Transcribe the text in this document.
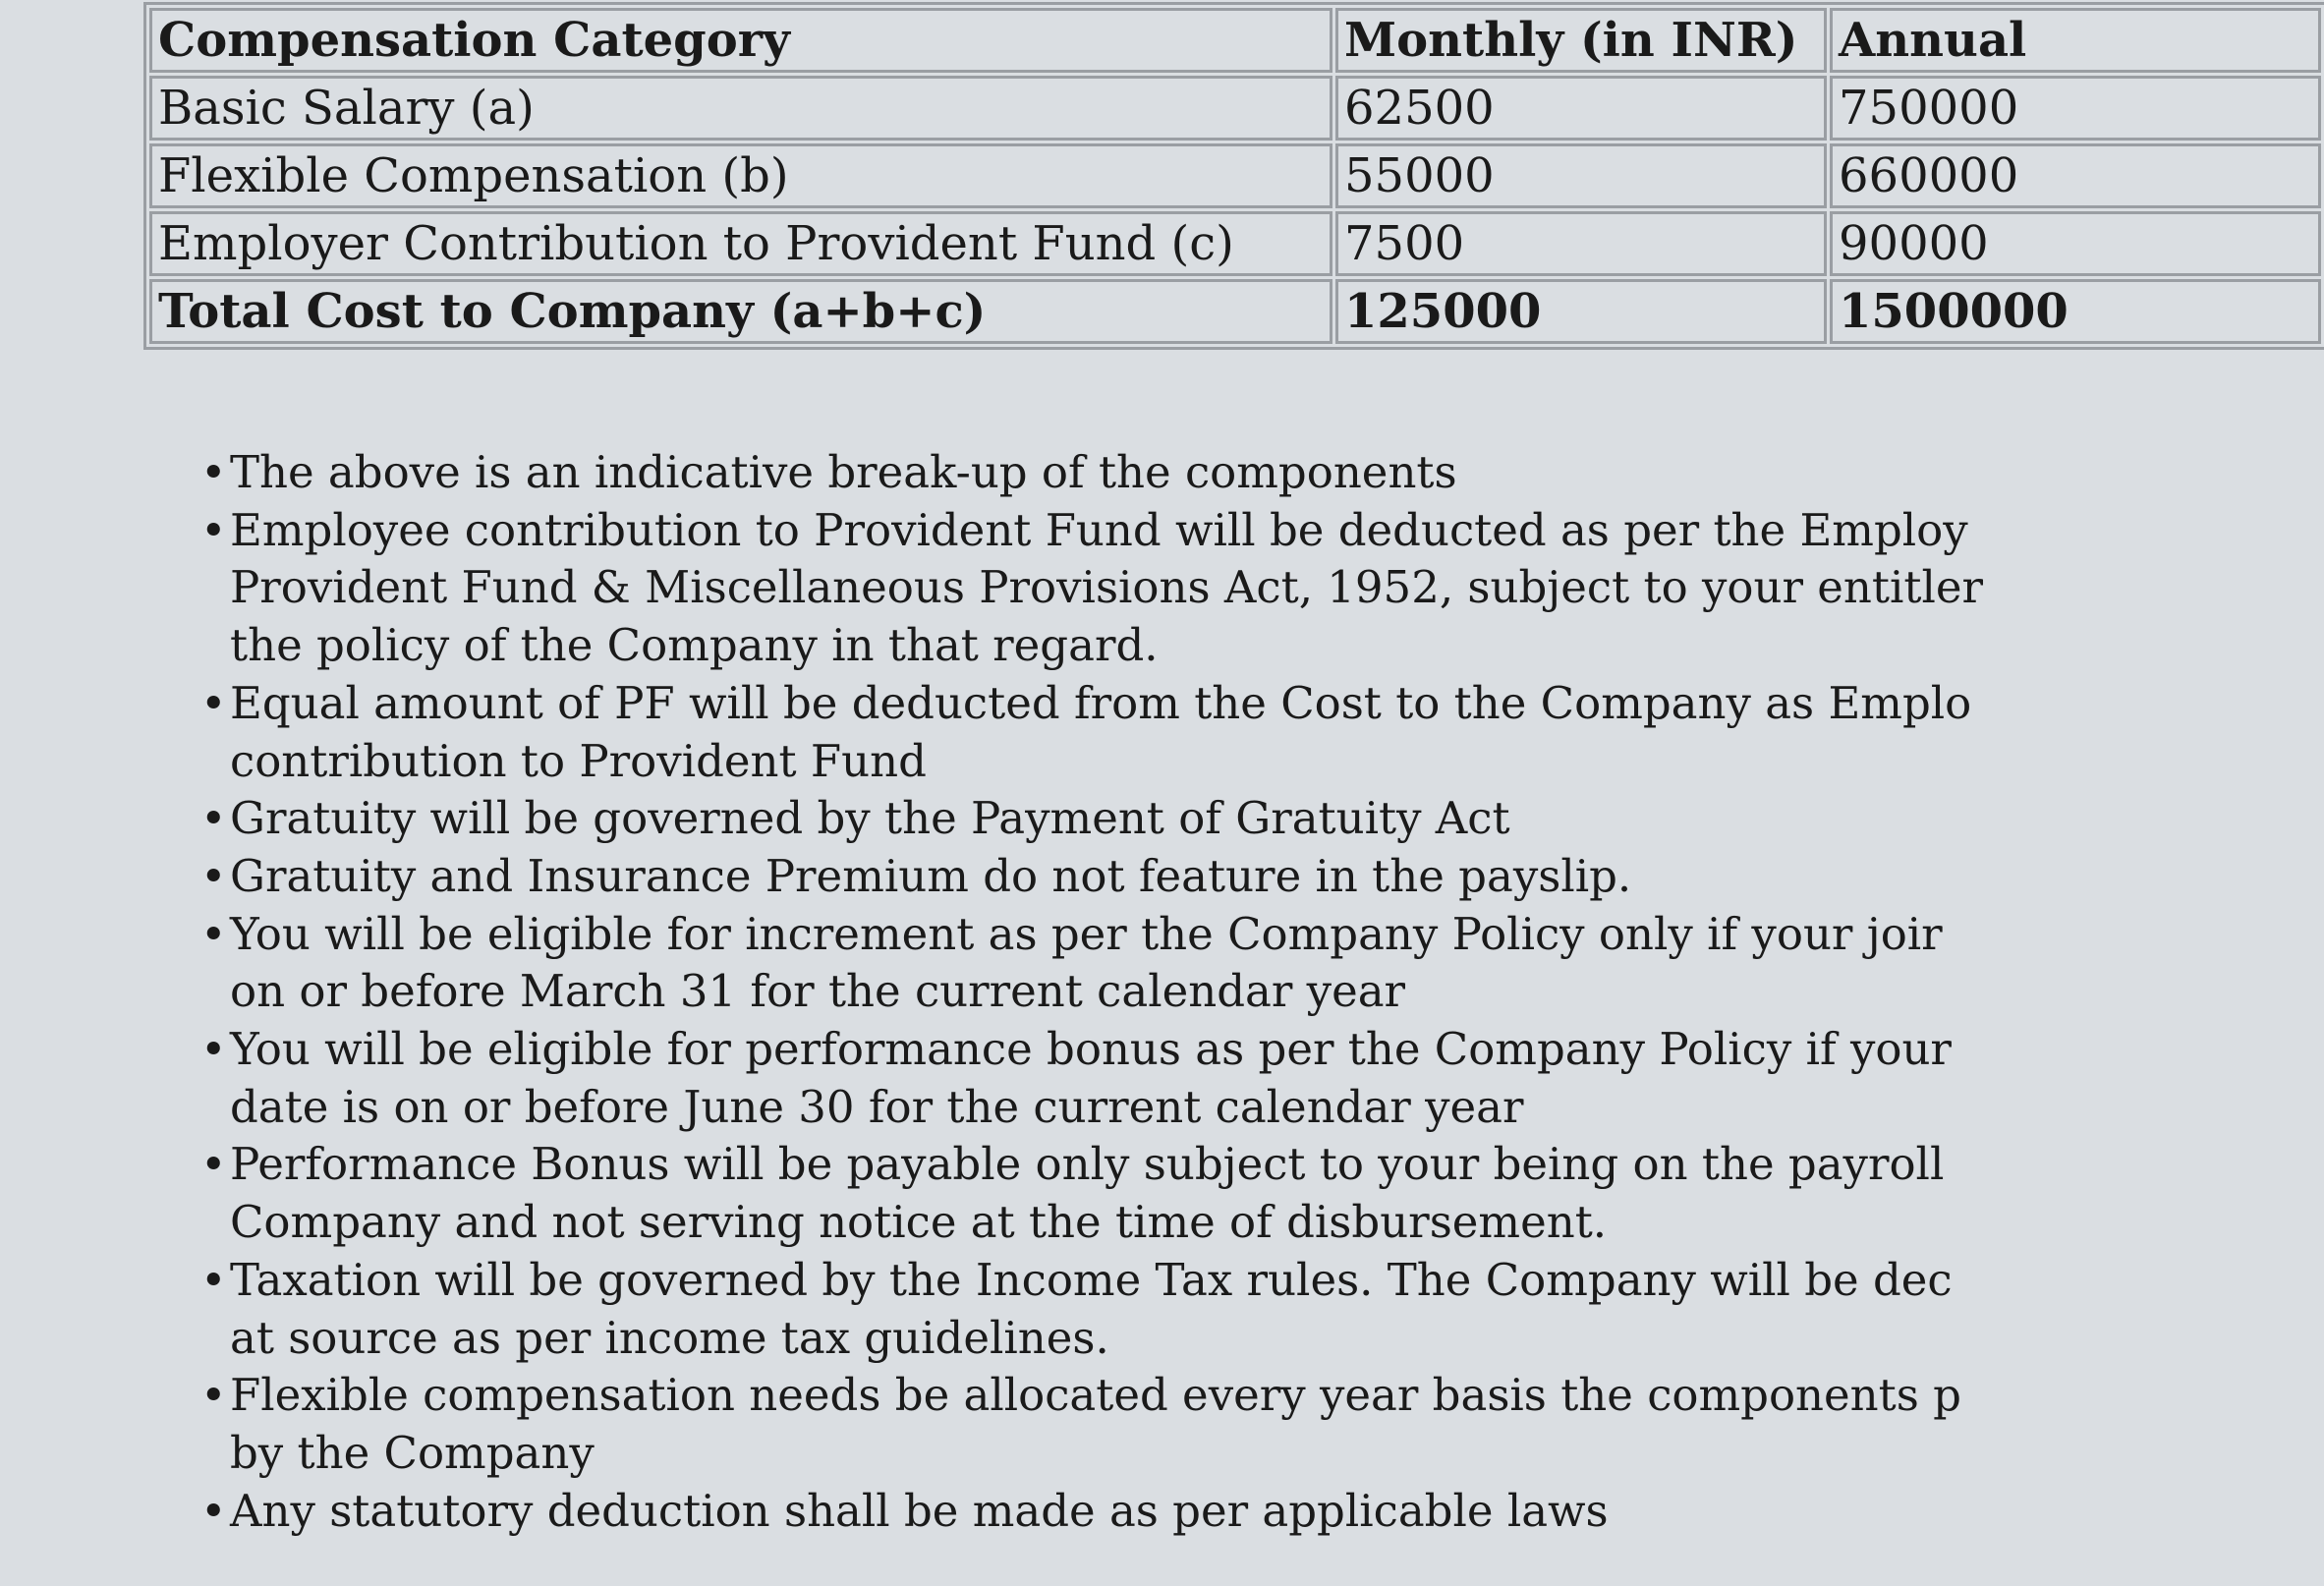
Compensation Category	Monthly (in INR)	Annual
Basic Salary (a)	62500	750000
Flexible Compensation (b)	55000	660000
Employer Contribution to Provident Fund (c)	7500	90000
Total Cost to Company (a+b+c)	125000	1500000
• The above is an indicative break-up of the components
• Employee contribution to Provident Fund will be deducted as per the Employ
Provident Fund & Miscellaneous Provisions Act, 1952, subject to your entitler
the policy of the Company in that regard.
• Equal amount of PF will be deducted from the Cost to the Company as Emplo
contribution to Provident Fund
• Gratuity will be governed by the Payment of Gratuity Act
• Gratuity and Insurance Premium do not feature in the payslip.
• You will be eligible for increment as per the Company Policy only if your joir
on or before March 31 for the current calendar year
• You will be eligible for performance bonus as per the Company Policy if your
date is on or before June 30 for the current calendar year
• Performance Bonus will be payable only subject to your being on the payroll
Company and not serving notice at the time of disbursement.
• Taxation will be governed by the Income Tax rules. The Company will be dec
at source as per income tax guidelines.
• Flexible compensation needs be allocated every year basis the components p
by the Company
• Any statutory deduction shall be made as per applicable laws
